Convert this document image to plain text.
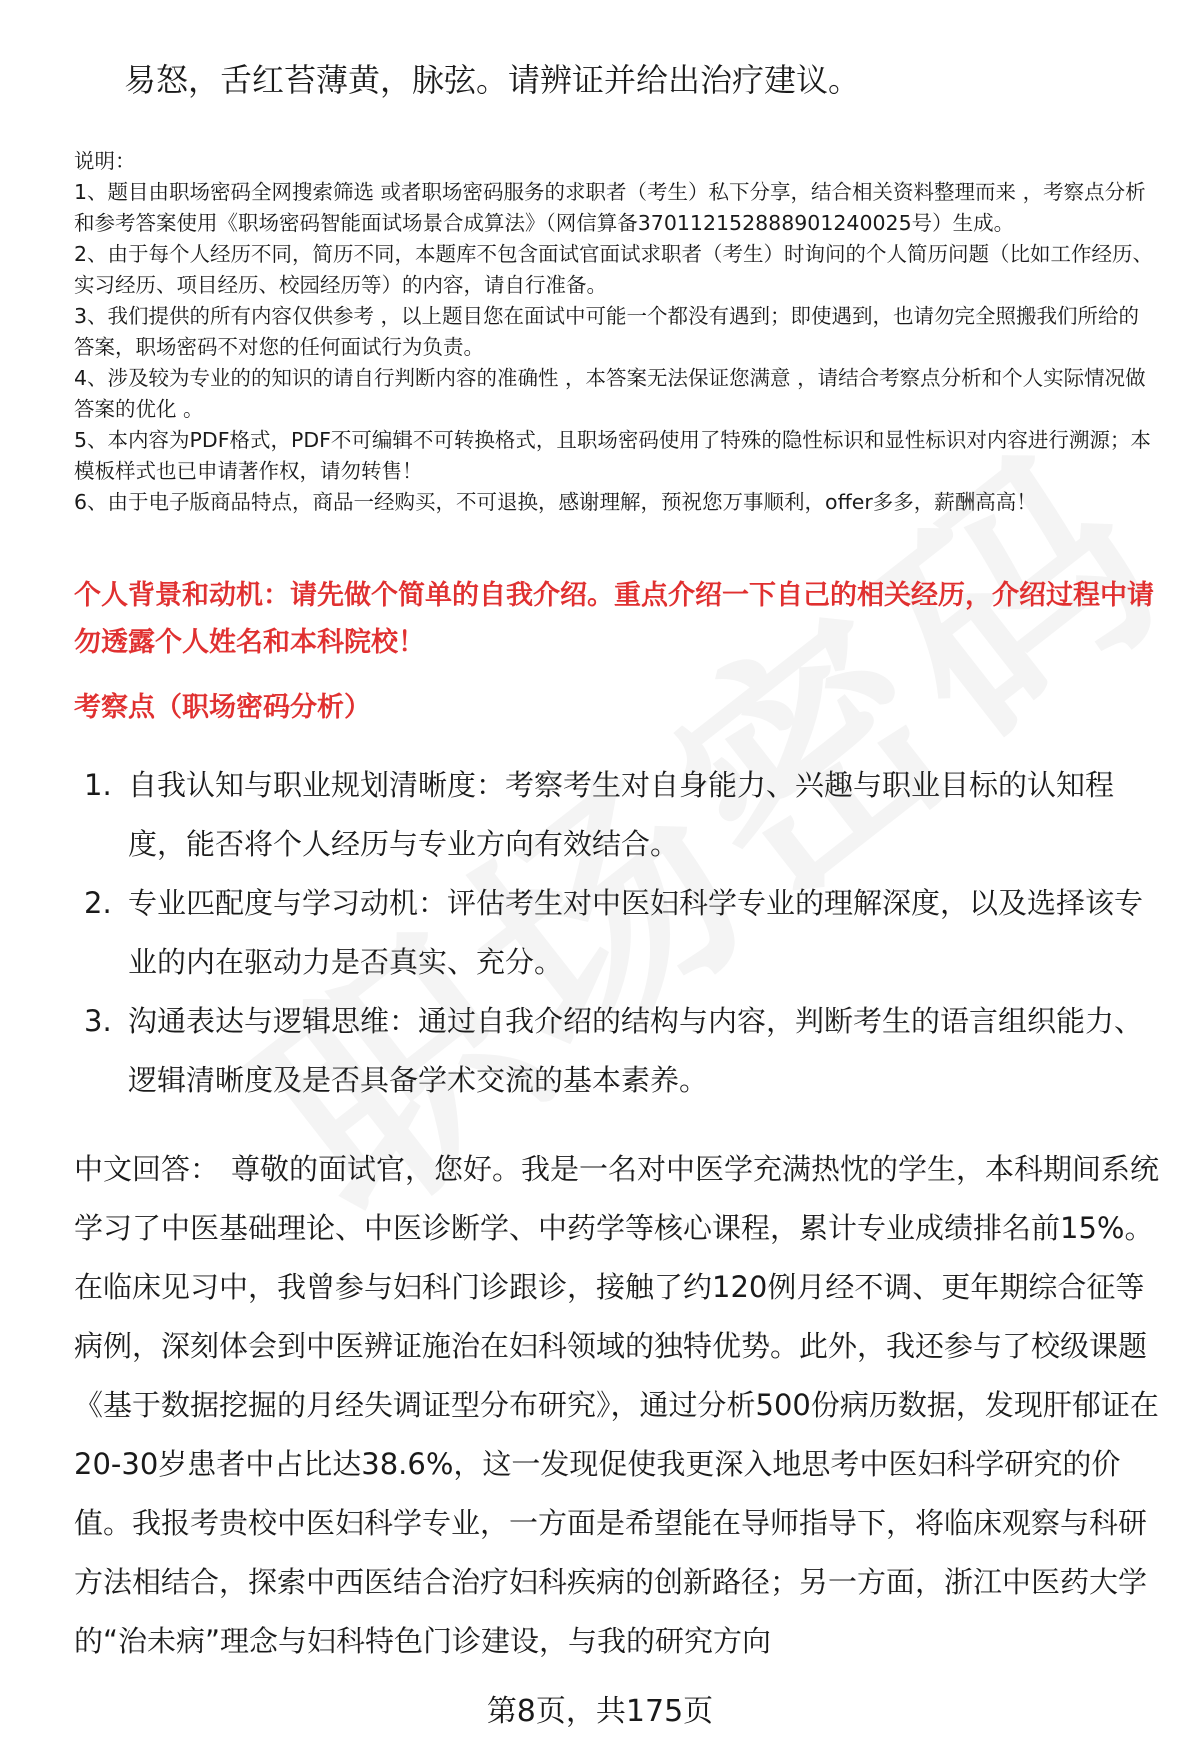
易怒，舌红苔薄黄，脉弦。请辨证并给出治疗建议。

说明：

1、题目由职场密码全网搜索筛选 或者职场密码服务的求职者（考生）私下分享，结合相关资料整理而来 ，考察点分析和参考答案使用《职场密码智能面试场景合成算法》（网信算备370112152888901240025号）生成。

2、由于每个人经历不同，简历不同，本题库不包含面试官面试求职者（考生）时询问的个人简历问题（比如工作经历、实习经历、项目经历、校园经历等）的内容，请自行准备。

3、我们提供的所有内容仅供参考 ，以上题目您在面试中可能一个都没有遇到；即使遇到，也请勿完全照搬我们所给的答案，职场密码不对您的任何面试行为负责。

4、涉及较为专业的的知识的请自行判断内容的准确性 ，本答案无法保证您满意 ，请结合考察点分析和个人实际情况做答案的优化 。

5、本内容为PDF格式，PDF不可编辑不可转换格式，且职场密码使用了特殊的隐性标识和显性标识对内容进行溯源；本模板样式也已申请著作权，请勿转售！

6、由于电子版商品特点，商品一经购买，不可退换，感谢理解，预祝您万事顺利，offer多多，薪酬高高！

个人背景和动机：请先做个简单的自我介绍。重点介绍一下自己的相关经历，介绍过程中请勿透露个人姓名和本科院校！

考察点（职场密码分析）

1. 自我认知与职业规划清晰度：考察考生对自身能力、兴趣与职业目标的认知程度，能否将个人经历与专业方向有效结合。
2. 专业匹配度与学习动机：评估考生对中医妇科学专业的理解深度，以及选择该专业的内在驱动力是否真实、充分。
3. 沟通表达与逻辑思维：通过自我介绍的结构与内容，判断考生的语言组织能力、逻辑清晰度及是否具备学术交流的基本素养。

中文回答： 尊敬的面试官，您好。我是一名对中医学充满热忱的学生，本科期间系统学习了中医基础理论、中医诊断学、中药学等核心课程，累计专业成绩排名前15%。在临床见习中，我曾参与妇科门诊跟诊，接触了约120例月经不调、更年期综合征等病例，深刻体会到中医辨证施治在妇科领域的独特优势。此外，我还参与了校级课题《基于数据挖掘的月经失调证型分布研究》，通过分析500份病历数据，发现肝郁证在20-30岁患者中占比达38.6%，这一发现促使我更深入地思考中医妇科学研究的价值。我报考贵校中医妇科学专业，一方面是希望能在导师指导下，将临床观察与科研方法相结合，探索中西医结合治疗妇科疾病的创新路径；另一方面，浙江中医药大学的“治未病”理念与妇科特色门诊建设，与我的研究方向

第8页，共175页
